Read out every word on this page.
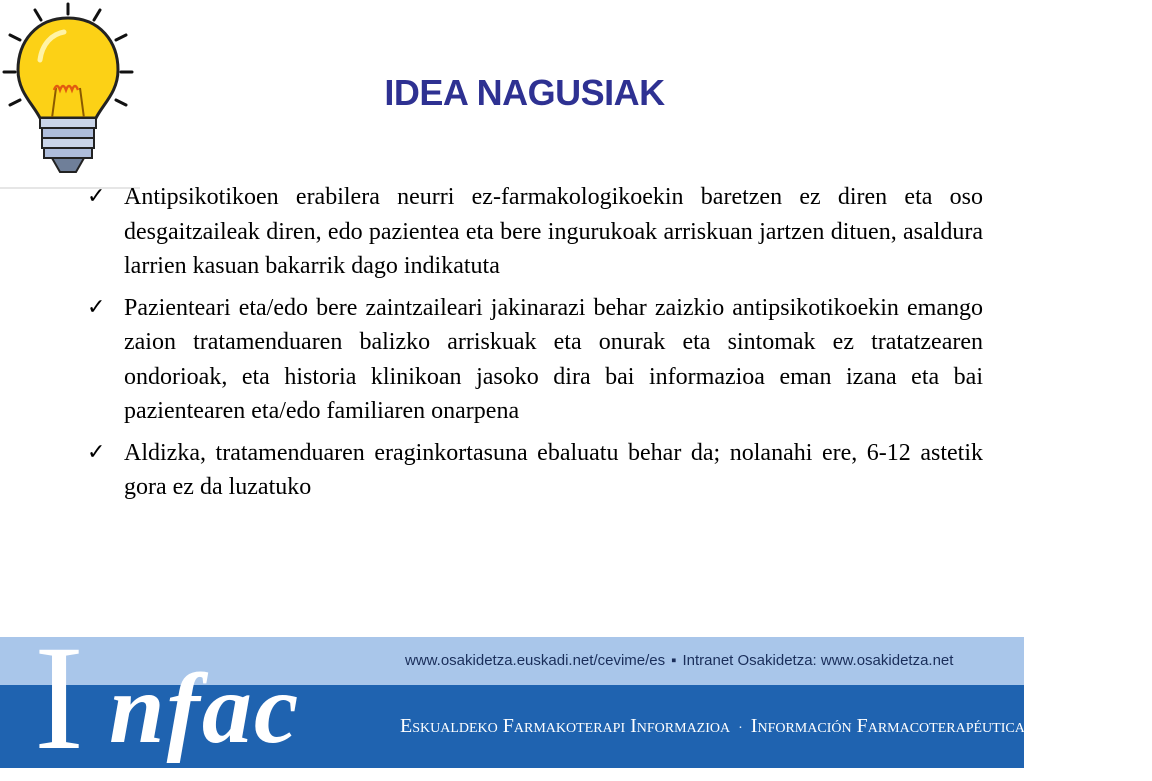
IDEA NAGUSIAK
✓ Antipsikotikoen erabilera neurri ez-farmakologikoekin baretzen ez diren eta oso desgaitzaileak diren, edo pazientea eta bere ingurukoak arriskuan jartzen dituen, asaldura larrien kasuan bakarrik dago indikatuta
✓ Pazienteari eta/edo bere zaintzaileari jakinarazi behar zaizkio antipsikotikoekin emango zaion tratamenduaren balizko arriskuak eta onurak eta sintomak ez tratatzearen ondorioak, eta historia klinikoan jasoko dira bai informazioa eman izana eta bai pazientearen eta/edo familiaren onarpena
✓ Aldizka, tratamenduaren eraginkortasuna ebaluatu behar da; nolanahi ere, 6-12 astetik gora ez da luzatuko
www.osakidetza.euskadi.net/cevime/es ▪ Intranet Osakidetza: www.osakidetza.net
I nfac	Eskualdeko Farmakoterapi Informazioa · Información Farmacoterapéutica de la Comarca
